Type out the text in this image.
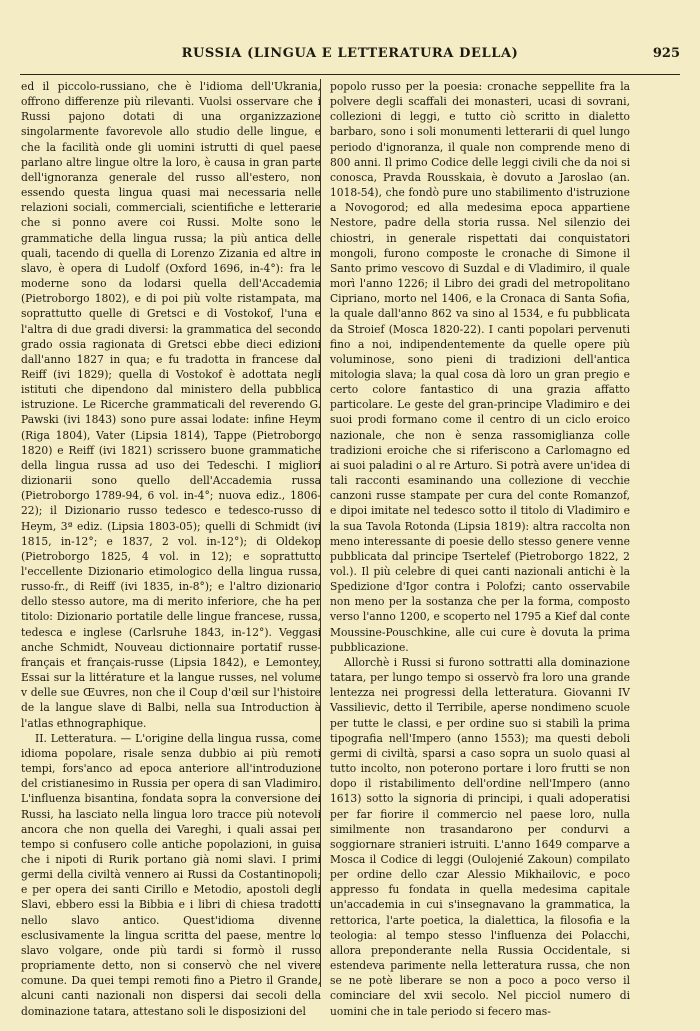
RUSSIA (LINGUA E LETTERATURA DELLA)	925

ed il piccolo-russiano, che è l'idioma dell'Ukrania, offrono differenze più rilevanti. Vuolsi osservare che i Russi pajono dotati di una organizzazione singolarmente favorevole allo studio delle lingue, e che la facilità onde gli uomini istrutti di quel paese parlano altre lingue oltre la loro, è causa in gran parte dell'ignoranza generale del russo all'estero, non essendo questa lingua quasi mai necessaria nelle relazioni sociali, commerciali, scientifiche e letterarie che si ponno avere coi Russi. Molte sono le grammatiche della lingua russa; la più antica delle quali, tacendo di quella di Lorenzo Zizania ed altre in slavo, è opera di Ludolf (Oxford 1696, in-4°): fra le moderne sono da lodarsi quella dell'Accademia (Pietroborgo 1802), e di poi più volte ristampata, ma soprattutto quelle di Gretsci e di Vostokof, l'una e l'altra di due gradi diversi: la grammatica del secondo grado ossia ragionata di Gretsci ebbe dieci edizioni dall'anno 1827 in qua; e fu tradotta in francese dal Reiff (ivi 1829); quella di Vostokof è adottata negli istituti che dipendono dal ministero della pubblica istruzione. Le Ricerche grammaticali del reverendo G. Pawski (ivi 1843) sono pure assai lodate: infine Heym (Riga 1804), Vater (Lipsia 1814), Tappe (Pietroborgo 1820) e Reiff (ivi 1821) scrissero buone grammatiche della lingua russa ad uso dei Tedeschi. I migliori dizionarii sono quello dell'Accademia russa (Pietroborgo 1789-94, 6 vol. in-4°; nuova ediz., 1806-22); il Dizionario russo tedesco e tedesco-russo di Heym, 3ª ediz. (Lipsia 1803-05); quelli di Schmidt (ivi 1815, in-12°; e 1837, 2 vol. in-12°); di Oldekop (Pietroborgo 1825, 4 vol. in 12); e soprattutto l'eccellente Dizionario etimologico della lingua russa, russo-fr., di Reiff (ivi 1835, in-8°); e l'altro dizionario dello stesso autore, ma di merito inferiore, che ha per titolo: Dizionario portatile delle lingue francese, russa, tedesca e inglese (Carlsruhe 1843, in-12°). Veggasi anche Schmidt, Nouveau dictionnaire portatif russe-français et français-russe (Lipsia 1842), e Lemontey, Essai sur la littérature et la langue russes, nel volume v delle sue Œuvres, non che il Coup d'œil sur l'histoire de la langue slave di Balbi, nella sua Introduction à l'atlas ethnographique.

II. Letteratura. — L'origine della lingua russa, come idioma popolare, risale senza dubbio ai più remoti tempi, fors'anco ad epoca anteriore all'introduzione del cristianesimo in Russia per opera di san Vladimiro. L'influenza bisantina, fondata sopra la conversione dei Russi, ha lasciato nella lingua loro tracce più notevoli ancora che non quella dei Vareghi, i quali assai per tempo si confusero colle antiche popolazioni, in guisa che i nipoti di Rurik portano già nomi slavi. I primi germi della civiltà vennero ai Russi da Costantinopoli; e per opera dei santi Cirillo e Metodio, apostoli degli Slavi, ebbero essi la Bibbia e i libri di chiesa tradotti nello slavo antico. Quest'idioma divenne esclusivamente la lingua scritta del paese, mentre lo slavo volgare, onde più tardi si formò il russo propriamente detto, non si conservò che nel vivere comune. Da quei tempi remoti fino a Pietro il Grande, alcuni canti nazionali non dispersi dai secoli della dominazione tatara, attestano soli le disposizioni del

popolo russo per la poesia: cronache seppellite fra la polvere degli scaffali dei monasteri, ucasi di sovrani, collezioni di leggi, e tutto ciò scritto in dialetto barbaro, sono i soli monumenti letterarii di quel lungo periodo d'ignoranza, il quale non comprende meno di 800 anni. Il primo Codice delle leggi civili che da noi si conosca, Pravda Rousskaia, è dovuto a Jaroslao (an. 1018-54), che fondò pure uno stabilimento d'istruzione a Novogorod; ed alla medesima epoca appartiene Nestore, padre della storia russa. Nel silenzio dei chiostri, in generale rispettati dai conquistatori mongoli, furono composte le cronache di Simone il Santo primo vescovo di Suzdal e di Vladimiro, il quale morì l'anno 1226; il Libro dei gradi del metropolitano Cipriano, morto nel 1406, e la Cronaca di Santa Sofia, la quale dall'anno 862 va sino al 1534, e fu pubblicata da Stroief (Mosca 1820-22). I canti popolari pervenuti fino a noi, indipendentemente da quelle opere più voluminose, sono pieni di tradizioni dell'antica mitologia slava; la qual cosa dà loro un gran pregio e certo colore fantastico di una grazia affatto particolare. Le geste del gran-principe Vladimiro e dei suoi prodi formano come il centro di un ciclo eroico nazionale, che non è senza rassomiglianza colle tradizioni eroiche che si riferiscono a Carlomagno ed ai suoi paladini o al re Arturo. Si potrà avere un'idea di tali racconti esaminando una collezione di vecchie canzoni russe stampate per cura del conte Romanzof, e dipoi imitate nel tedesco sotto il titolo di Vladimiro e la sua Tavola Rotonda (Lipsia 1819): altra raccolta non meno interessante di poesie dello stesso genere venne pubblicata dal principe Tsertelef (Pietroborgo 1822, 2 vol.). Il più celebre di quei canti nazionali antichi è la Spedizione d'Igor contra i Polofzi; canto osservabile non meno per la sostanza che per la forma, composto verso l'anno 1200, e scoperto nel 1795 a Kief dal conte Moussine-Pouschkine, alle cui cure è dovuta la prima pubblicazione.

Allorchè i Russi si furono sottratti alla dominazione tatara, per lungo tempo si osservò fra loro una grande lentezza nei progressi della letteratura. Giovanni IV Vassilievic, detto il Terribile, aperse nondimeno scuole per tutte le classi, e per ordine suo si stabilì la prima tipografia nell'Impero (anno 1553); ma questi deboli germi di civiltà, sparsi a caso sopra un suolo quasi al tutto incolto, non poterono portare i loro frutti se non dopo il ristabilimento dell'ordine nell'Impero (anno 1613) sotto la signoria di principi, i quali adoperatisi per far fiorire il commercio nel paese loro, nulla similmente non trasandarono per condurvi a soggiornare stranieri istruiti. L'anno 1649 comparve a Mosca il Codice di leggi (Oulojenié Zakoun) compilato per ordine dello czar Alessio Mikhailovic, e poco appresso fu fondata in quella medesima capitale un'accademia in cui s'insegnavano la grammatica, la rettorica, l'arte poetica, la dialettica, la filosofia e la teologia: al tempo stesso l'influenza dei Polacchi, allora preponderante nella Russia Occidentale, si estendeva parimente nella letteratura russa, che non se ne potè liberare se non a poco a poco verso il cominciare del xvii secolo. Nel picciol numero di uomini che in tale periodo si fecero mas-
